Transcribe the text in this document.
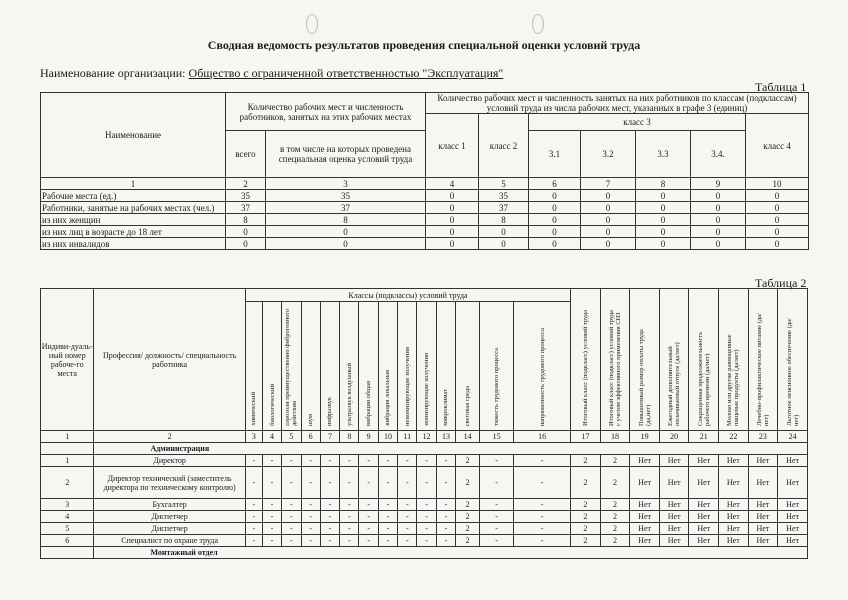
Сводная ведомость результатов проведения специальной оценки условий труда
Наименование организации: Общество с ограниченной ответственностью "Эксплуатация"
Таблица 1
Наименование	Количество рабочих мест и численность работников, занятых на этих рабочих местах		Количество рабочих мест и численность занятых на них работников по классам (подклассам) условий труда из числа рабочих мест, указанных в графе 3 (единиц)						
			класс 1	класс 2	класс 3				класс 4
	всего	в том числе на которых проведена специальная оценка условий труда			3.1	3.2	3.3	3.4.	
1	2	3	4	5	6	7	8	9	10
Рабочие места (ед.)	35	35	0	35	0	0	0	0	0
Работники, занятые на рабочих местах (чел.)	37	37	0	37	0	0	0	0	0
из них женщин	8	8	0	8	0	0	0	0	0
из них лиц в возрасте до 18 лет	0	0	0	0	0	0	0	0	0
из них инвалидов	0	0	0	0	0	0	0	0	0
Таблица 2
Индиви-дуаль-ный номер рабоче-го места	Профессия/ должность/ специальность работника	Классы (подклассы) условий труда														Итоговый класс (подкласс) условий труда	Итоговый класс (подкласс) условий труда с учетом эффективного применения СИЗ	Повышенный размер оплаты труда (да,нет)	Ежегодный дополнительный оплачиваемый отпуск (да/нет)	Сокращенная продолжительность рабочего времени (да/нет)	Молоко или другие равноценные пищевые продукты (да/нет)	Лечебно-профилактическое питание (да/нет)	Льготное пенсионное обеспечение (да/нет)
		химический	биологический	аэрозоли преимущественно фиброгенного действия	шум	инфразвук	ультразвук воздушный	вибрация общая	вибрация локальная	неионизирующие излучения	ионизирующие излучения	микроклимат	световая среда	тяжесть трудового процесса	напряженность трудового процесса								
1	2	3	4	5	6	7	8	9	10	11	12	13	14	15	16	17	18	19	20	21	22	23	24
	Администрация																						
1	Директор	-	-	-	-	-	-	-	-	-	-	-	2	-	-	2	2	Нет	Нет	Нет	Нет	Нет	Нет
2	Директор технический (заместитель директора по техническому контролю)	-	-	-	-	-	-	-	-	-	-	-	2	-	-	2	2	Нет	Нет	Нет	Нет	Нет	Нет
3	Бухгалтер	-	-	-	-	-	-	-	-	-	-	-	2	-	-	2	2	Нет	Нет	Нет	Нет	Нет	Нет
4	Диспетчер	-	-	-	-	-	-	-	-	-	-	-	2	-	-	2	2	Нет	Нет	Нет	Нет	Нет	Нет
5	Диспетчер	-	-	-	-	-	-	-	-	-	-	-	2	-	-	2	2	Нет	Нет	Нет	Нет	Нет	Нет
6	Специалист по охране труда	-	-	-	-	-	-	-	-	-	-	-	2	-	-	2	2	Нет	Нет	Нет	Нет	Нет	Нет
	Монтажный отдел																						
